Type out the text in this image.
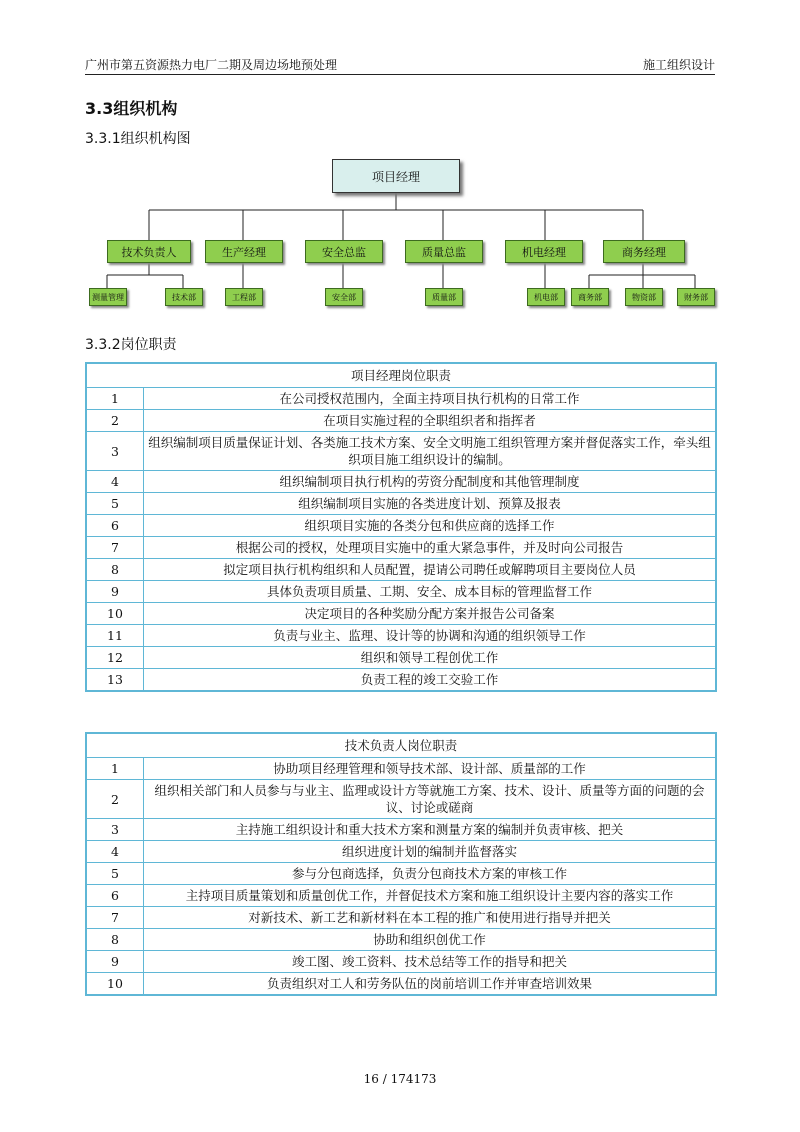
广州市第五资源热力电厂二期及周边场地预处理	施工组织设计
3.3组织机构
3.3.1组织机构图
项目经理
技术负责人	生产经理	安全总监	质量总监	机电经理	商务经理
测量管理	技术部	工程部	安全部	质量部	机电部	商务部	物资部	财务部
3.3.2岗位职责
项目经理岗位职责	
1	在公司授权范围内，全面主持项目执行机构的日常工作
2	在项目实施过程的全职组织者和指挥者
3	组织编制项目质量保证计划、各类施工技术方案、安全文明施工组织管理方案并督促落实工作，牵头组织项目施工组织设计的编制。
4	组织编制项目执行机构的劳资分配制度和其他管理制度
5	组织编制项目实施的各类进度计划、预算及报表
6	组织项目实施的各类分包和供应商的选择工作
7	根据公司的授权，处理项目实施中的重大紧急事件，并及时向公司报告
8	拟定项目执行机构组织和人员配置，提请公司聘任或解聘项目主要岗位人员
9	具体负责项目质量、工期、安全、成本目标的管理监督工作
10	决定项目的各种奖励分配方案并报告公司备案
11	负责与业主、监理、设计等的协调和沟通的组织领导工作
12	组织和领导工程创优工作
13	负责工程的竣工交验工作
技术负责人岗位职责	
1	协助项目经理管理和领导技术部、设计部、质量部的工作
2	组织相关部门和人员参与与业主、监理或设计方等就施工方案、技术、设计、质量等方面的问题的会议、讨论或磋商
3	主持施工组织设计和重大技术方案和测量方案的编制并负责审核、把关
4	组织进度计划的编制并监督落实
5	参与分包商选择，负责分包商技术方案的审核工作
6	主持项目质量策划和质量创优工作，并督促技术方案和施工组织设计主要内容的落实工作
7	对新技术、新工艺和新材料在本工程的推广和使用进行指导并把关
8	协助和组织创优工作
9	竣工图、竣工资料、技术总结等工作的指导和把关
10	负责组织对工人和劳务队伍的岗前培训工作并审查培训效果
16 / 174173
